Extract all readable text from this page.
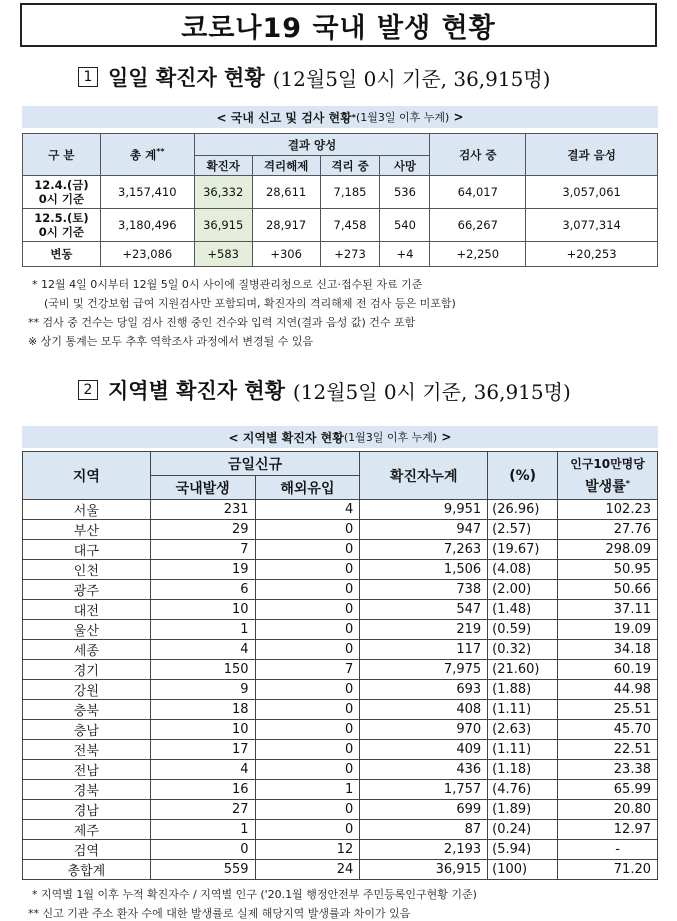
코로나19 국내 발생 현황
1 일일 확진자 현황 (12월5일 0시 기준, 36,915명)
< 국내 신고 및 검사 현황 * (1월3일 이후 누계)
>
구 분	총 계**	결과 양성				검사 중	결과 음성
		확진자	격리해제	격리 중	사망		
12.4.(금)
0시 기준	3,157,410	36,332	28,611	7,185	536	64,017	3,057,061
12.5.(토)
0시 기준	3,180,496	36,915	28,917	7,458	540	66,267	3,077,314
변동	+23,086	+583	+306	+273	+4	+2,250	+20,253
* 12월 4일 0시부터 12월 5일 0시 사이에 질병관리청으로 신고·접수된 자료 기준
(국비 및 건강보험 급여 지원검사만 포함되며, 확진자의 격리해제 전 검사 등은 미포함)
** 검사 중 건수는 당일 검사 진행 중인 건수와 입력 지연(결과 음성 값) 건수 포함
※ 상기 통계는 모두 추후 역학조사 과정에서 변경될 수 있음
2 지역별 확진자 현황 (12월5일 0시 기준, 36,915명)
< 지역별 확진자 현황 (1월3일 이후 누계)
>
지역	금일신규		확진자누계	(%)	인구10만명당
발생률*
	국내발생	해외유입			
서울	231	4	9,951	(26.96)	102.23
부산	29	0	947	(2.57)	27.76
대구	7	0	7,263	(19.67)	298.09
인천	19	0	1,506	(4.08)	50.95
광주	6	0	738	(2.00)	50.66
대전	10	0	547	(1.48)	37.11
울산	1	0	219	(0.59)	19.09
세종	4	0	117	(0.32)	34.18
경기	150	7	7,975	(21.60)	60.19
강원	9	0	693	(1.88)	44.98
충북	18	0	408	(1.11)	25.51
충남	10	0	970	(2.63)	45.70
전북	17	0	409	(1.11)	22.51
전남	4	0	436	(1.18)	23.38
경북	16	1	1,757	(4.76)	65.99
경남	27	0	699	(1.89)	20.80
제주	1	0	87	(0.24)	12.97
검역	0	12	2,193	(5.94)	-
총합계	559	24	36,915	(100)	71.20
* 지역별 1월 이후 누적 확진자수 / 지역별 인구 ('20.1월 행정안전부 주민등록인구현황 기준)
** 신고 기관 주소 환자 수에 대한 발생률로 실제 해당지역 발생률과 차이가 있음
